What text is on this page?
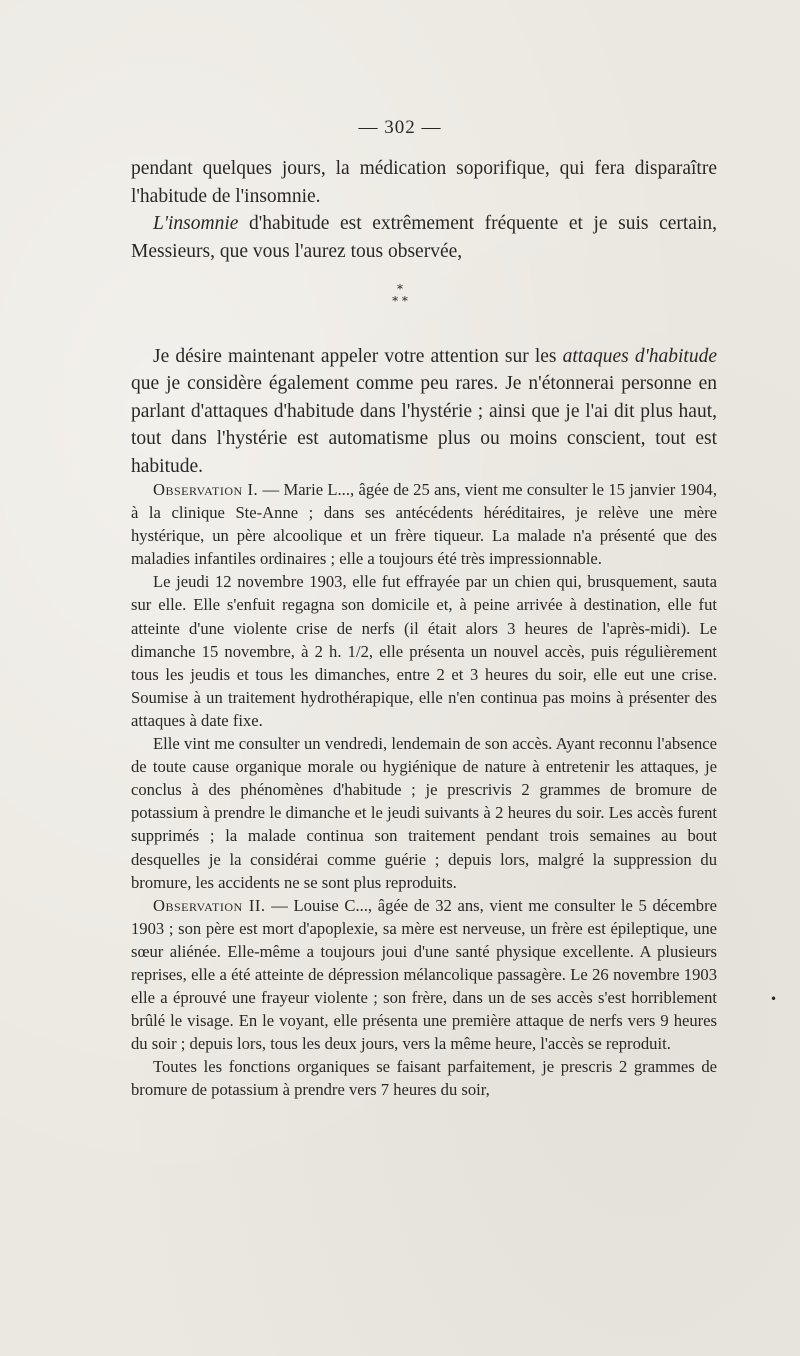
— 302 —

pendant quelques jours, la médication soporifique, qui fera disparaître l'habitude de l'insomnie.

L'insomnie d'habitude est extrêmement fréquente et je suis certain, Messieurs, que vous l'aurez tous observée,

*
* *

Je désire maintenant appeler votre attention sur les attaques d'habitude que je considère également comme peu rares. Je n'étonnerai personne en parlant d'attaques d'habitude dans l'hystérie ; ainsi que je l'ai dit plus haut, tout dans l'hystérie est automatisme plus ou moins conscient, tout est habitude.

Observation I. — Marie L..., âgée de 25 ans, vient me consulter le 15 janvier 1904, à la clinique Ste-Anne ; dans ses antécédents héréditaires, je relève une mère hystérique, un père alcoolique et un frère tiqueur. La malade n'a présenté que des maladies infantiles ordinaires ; elle a toujours été très impressionnable.

Le jeudi 12 novembre 1903, elle fut effrayée par un chien qui, brusquement, sauta sur elle. Elle s'enfuit regagna son domicile et, à peine arrivée à destination, elle fut atteinte d'une violente crise de nerfs (il était alors 3 heures de l'après-midi). Le dimanche 15 novembre, à 2 h. 1/2, elle présenta un nouvel accès, puis régulièrement tous les jeudis et tous les dimanches, entre 2 et 3 heures du soir, elle eut une crise. Soumise à un traitement hydrothérapique, elle n'en continua pas moins à présenter des attaques à date fixe.

Elle vint me consulter un vendredi, lendemain de son accès. Ayant reconnu l'absence de toute cause organique morale ou hygiénique de nature à entretenir les attaques, je conclus à des phénomènes d'habitude ; je prescrivis 2 grammes de bromure de potassium à prendre le dimanche et le jeudi suivants à 2 heures du soir. Les accès furent supprimés ; la malade continua son traitement pendant trois semaines au bout desquelles je la considérai comme guérie ; depuis lors, malgré la suppression du bromure, les accidents ne se sont plus reproduits.

Observation II. — Louise C..., âgée de 32 ans, vient me consulter le 5 décembre 1903 ; son père est mort d'apoplexie, sa mère est nerveuse, un frère est épileptique, une sœur aliénée. Elle-même a toujours joui d'une santé physique excellente. A plusieurs reprises, elle a été atteinte de dépression mélancolique passagère. Le 26 novembre 1903 elle a éprouvé une frayeur violente ; son frère, dans un de ses accès s'est horriblement brûlé le visage. En le voyant, elle présenta une première attaque de nerfs vers 9 heures du soir ; depuis lors, tous les deux jours, vers la même heure, l'accès se reproduit.

Toutes les fonctions organiques se faisant parfaitement, je prescris 2 grammes de bromure de potassium à prendre vers 7 heures du soir,

•
